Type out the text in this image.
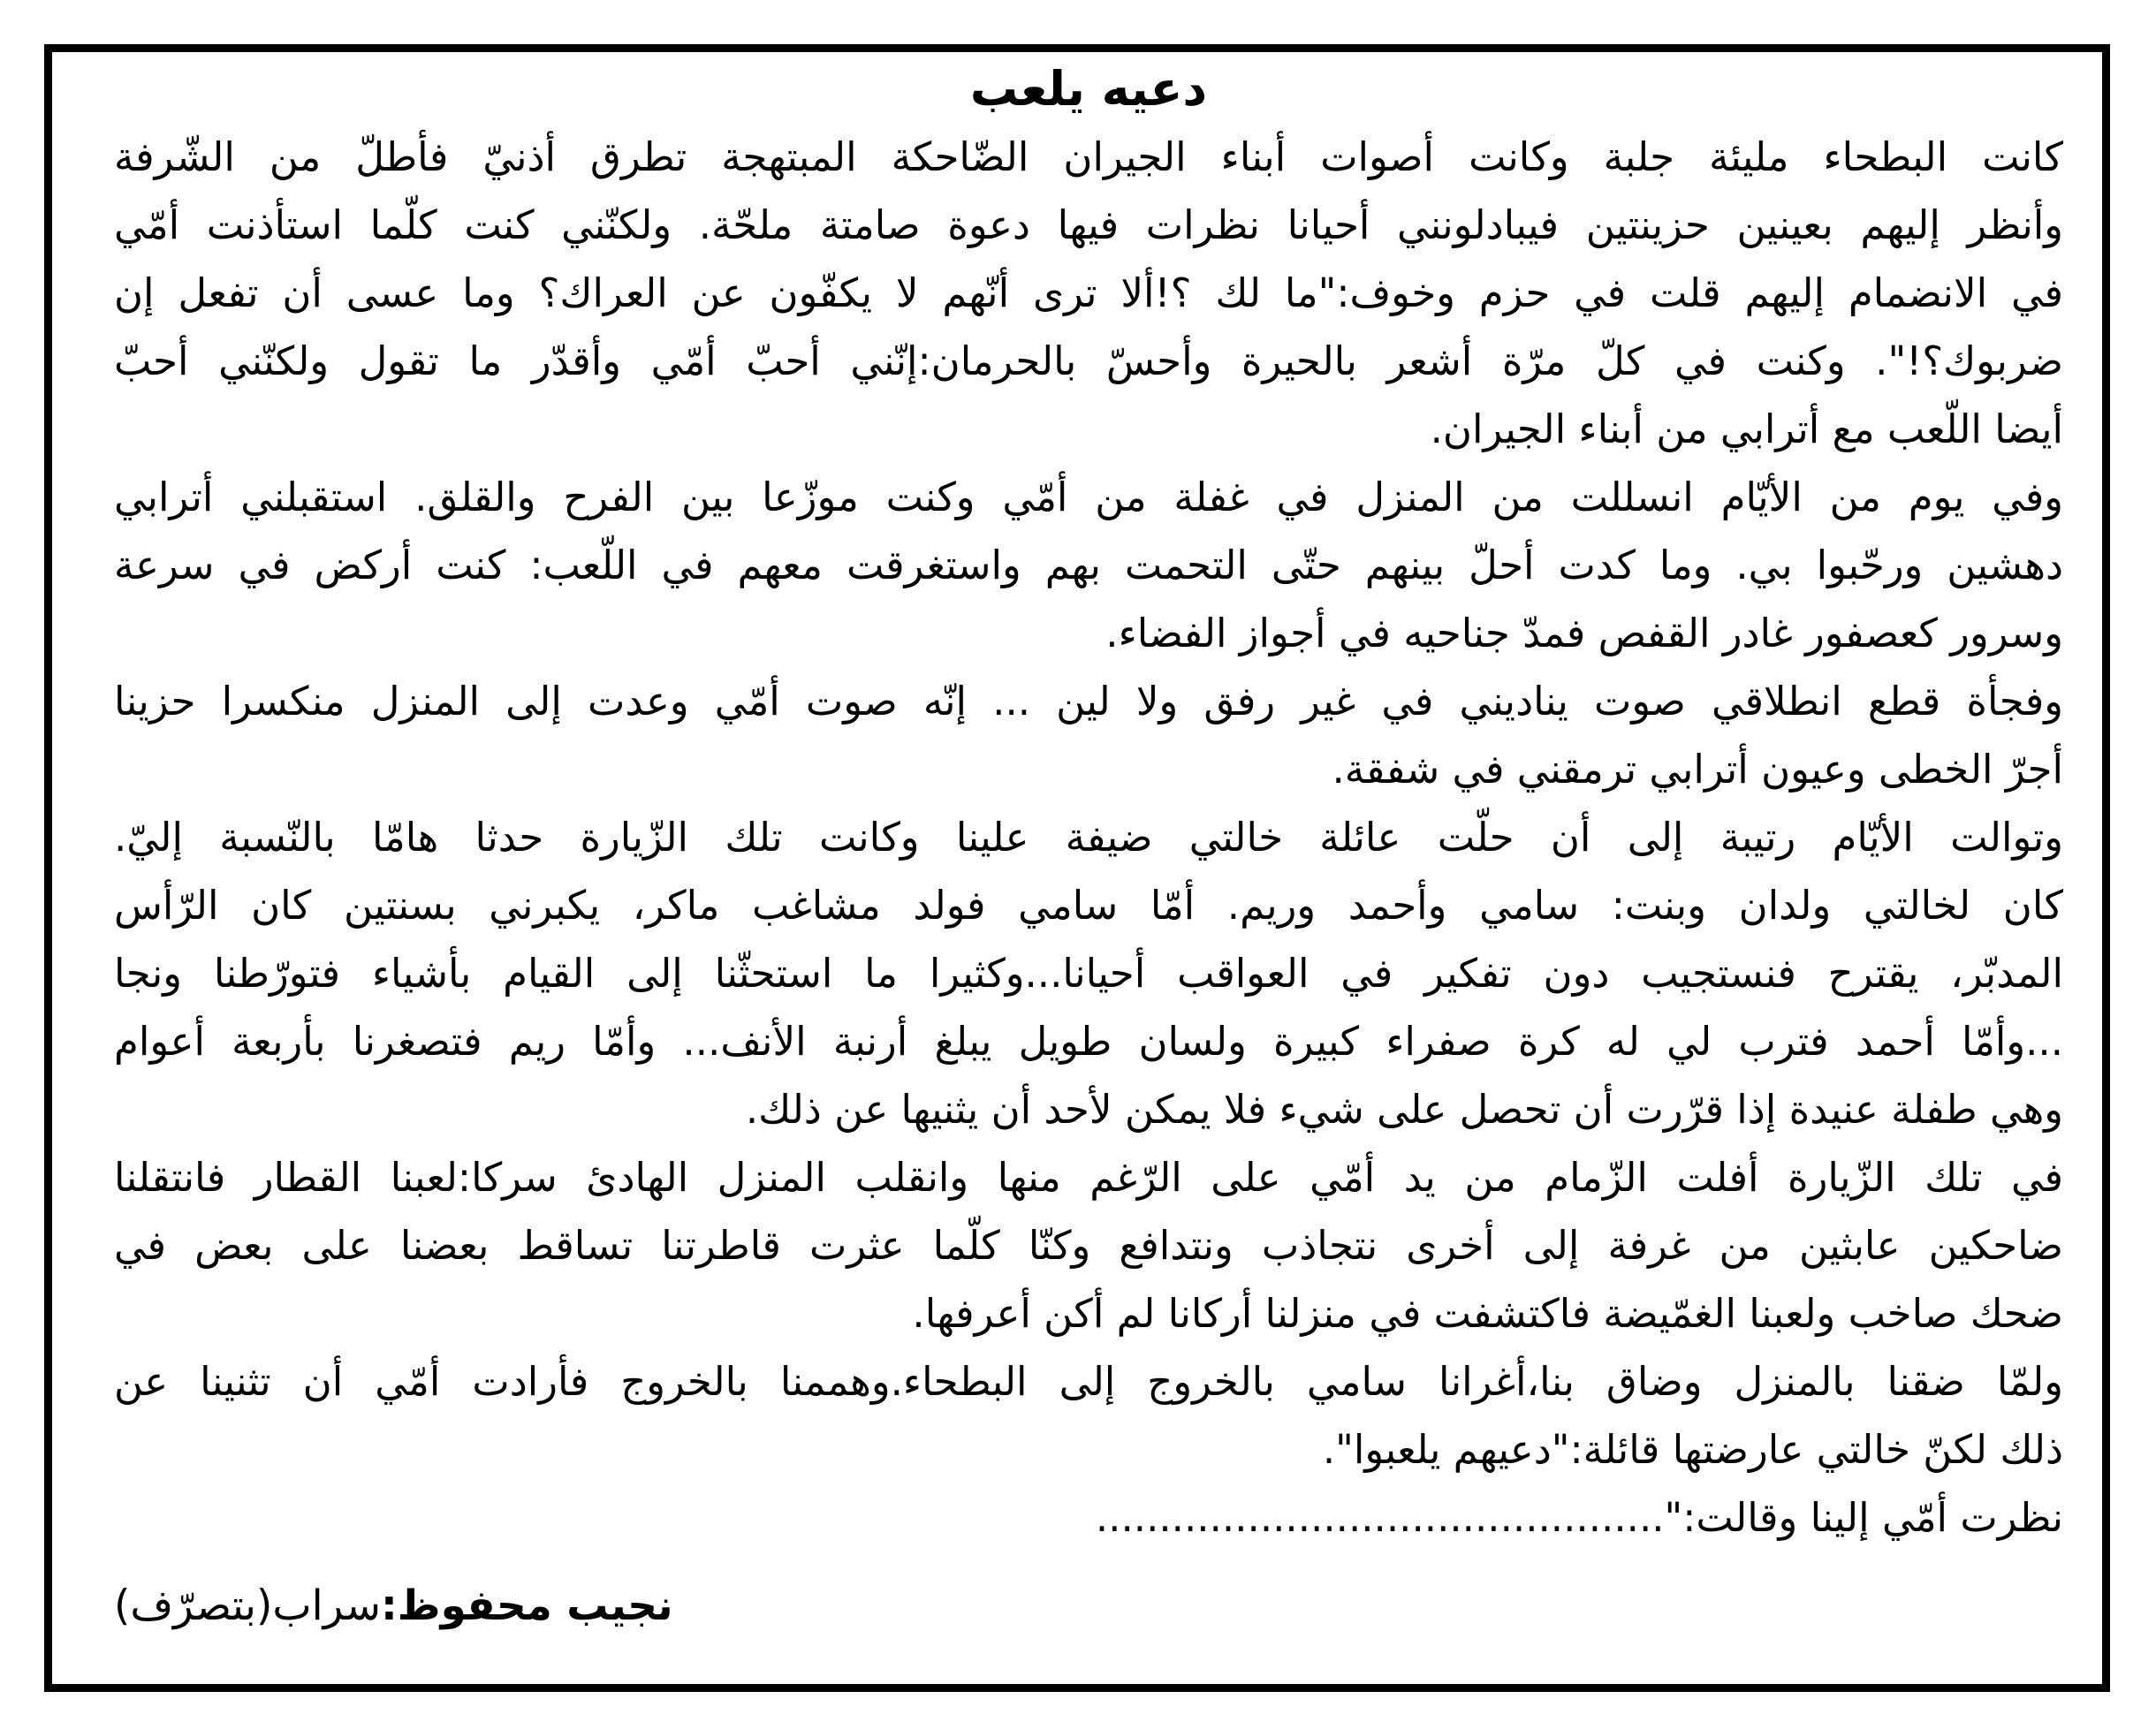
دعيه يلعب
كانت البطحاء مليئة جلبة وكانت أصوات أبناء الجيران الضّاحكة المبتهجة تطرق أذنيّ فأطلّ من الشّرفة
وأنظر إليهم بعينين حزينتين فيبادلونني أحيانا نظرات فيها دعوة صامتة ملحّة. ولكنّني كنت كلّما استأذنت أمّي
في الانضمام إليهم قلت في حزم وخوف:"ما لك ؟!ألا ترى أنّهم لا يكفّون عن العراك؟ وما عسى أن تفعل إن
ضربوك؟!". وكنت في كلّ مرّة أشعر بالحيرة وأحسّ بالحرمان:إنّني أحبّ أمّي وأقدّر ما تقول ولكنّني أحبّ
أيضا اللّعب مع أترابي من أبناء الجيران.
وفي يوم من الأيّام انسللت من المنزل في غفلة من أمّي وكنت موزّعا بين الفرح والقلق. استقبلني أترابي
دهشين ورحّبوا بي. وما كدت أحلّ بينهم حتّى التحمت بهم واستغرقت معهم في اللّعب: كنت أركض في سرعة
وسرور كعصفور غادر القفص فمدّ جناحيه في أجواز الفضاء.
وفجأة قطع انطلاقي صوت يناديني في غير رفق ولا لين ... إنّه صوت أمّي وعدت إلى المنزل منكسرا حزينا
أجرّ الخطى وعيون أترابي ترمقني في شفقة.
وتوالت الأيّام رتيبة إلى أن حلّت عائلة خالتي ضيفة علينا وكانت تلك الزّيارة حدثا هامّا بالنّسبة إليّ.
كان لخالتي ولدان وبنت: سامي وأحمد وريم. أمّا سامي فولد مشاغب ماكر، يكبرني بسنتين كان الرّأس
المدبّر، يقترح فنستجيب دون تفكير في العواقب أحيانا...وكثيرا ما استحثّنا إلى القيام بأشياء فتورّطنا ونجا
...وأمّا أحمد فترب لي له كرة صفراء كبيرة ولسان طويل يبلغ أرنبة الأنف... وأمّا ريم فتصغرنا بأربعة أعوام
وهي طفلة عنيدة إذا قرّرت أن تحصل على شيء فلا يمكن لأحد أن يثنيها عن ذلك.
في تلك الزّيارة أفلت الزّمام من يد أمّي على الرّغم منها وانقلب المنزل الهادئ سركا:لعبنا القطار فانتقلنا
ضاحكين عابثين من غرفة إلى أخرى نتجاذب ونتدافع وكنّا كلّما عثرت قاطرتنا تساقط بعضنا على بعض في
ضحك صاخب ولعبنا الغمّيضة فاكتشفت في منزلنا أركانا لم أكن أعرفها.
ولمّا ضقنا بالمنزل وضاق بنا،أغرانا سامي بالخروج إلى البطحاء.وهممنا بالخروج فأرادت أمّي أن تثنينا عن
ذلك لكنّ خالتي عارضتها قائلة:"دعيهم يلعبوا".
نظرت أمّي إلينا وقالت:".............................................
نجيب محفوظ:سراب(بتصرّف)
